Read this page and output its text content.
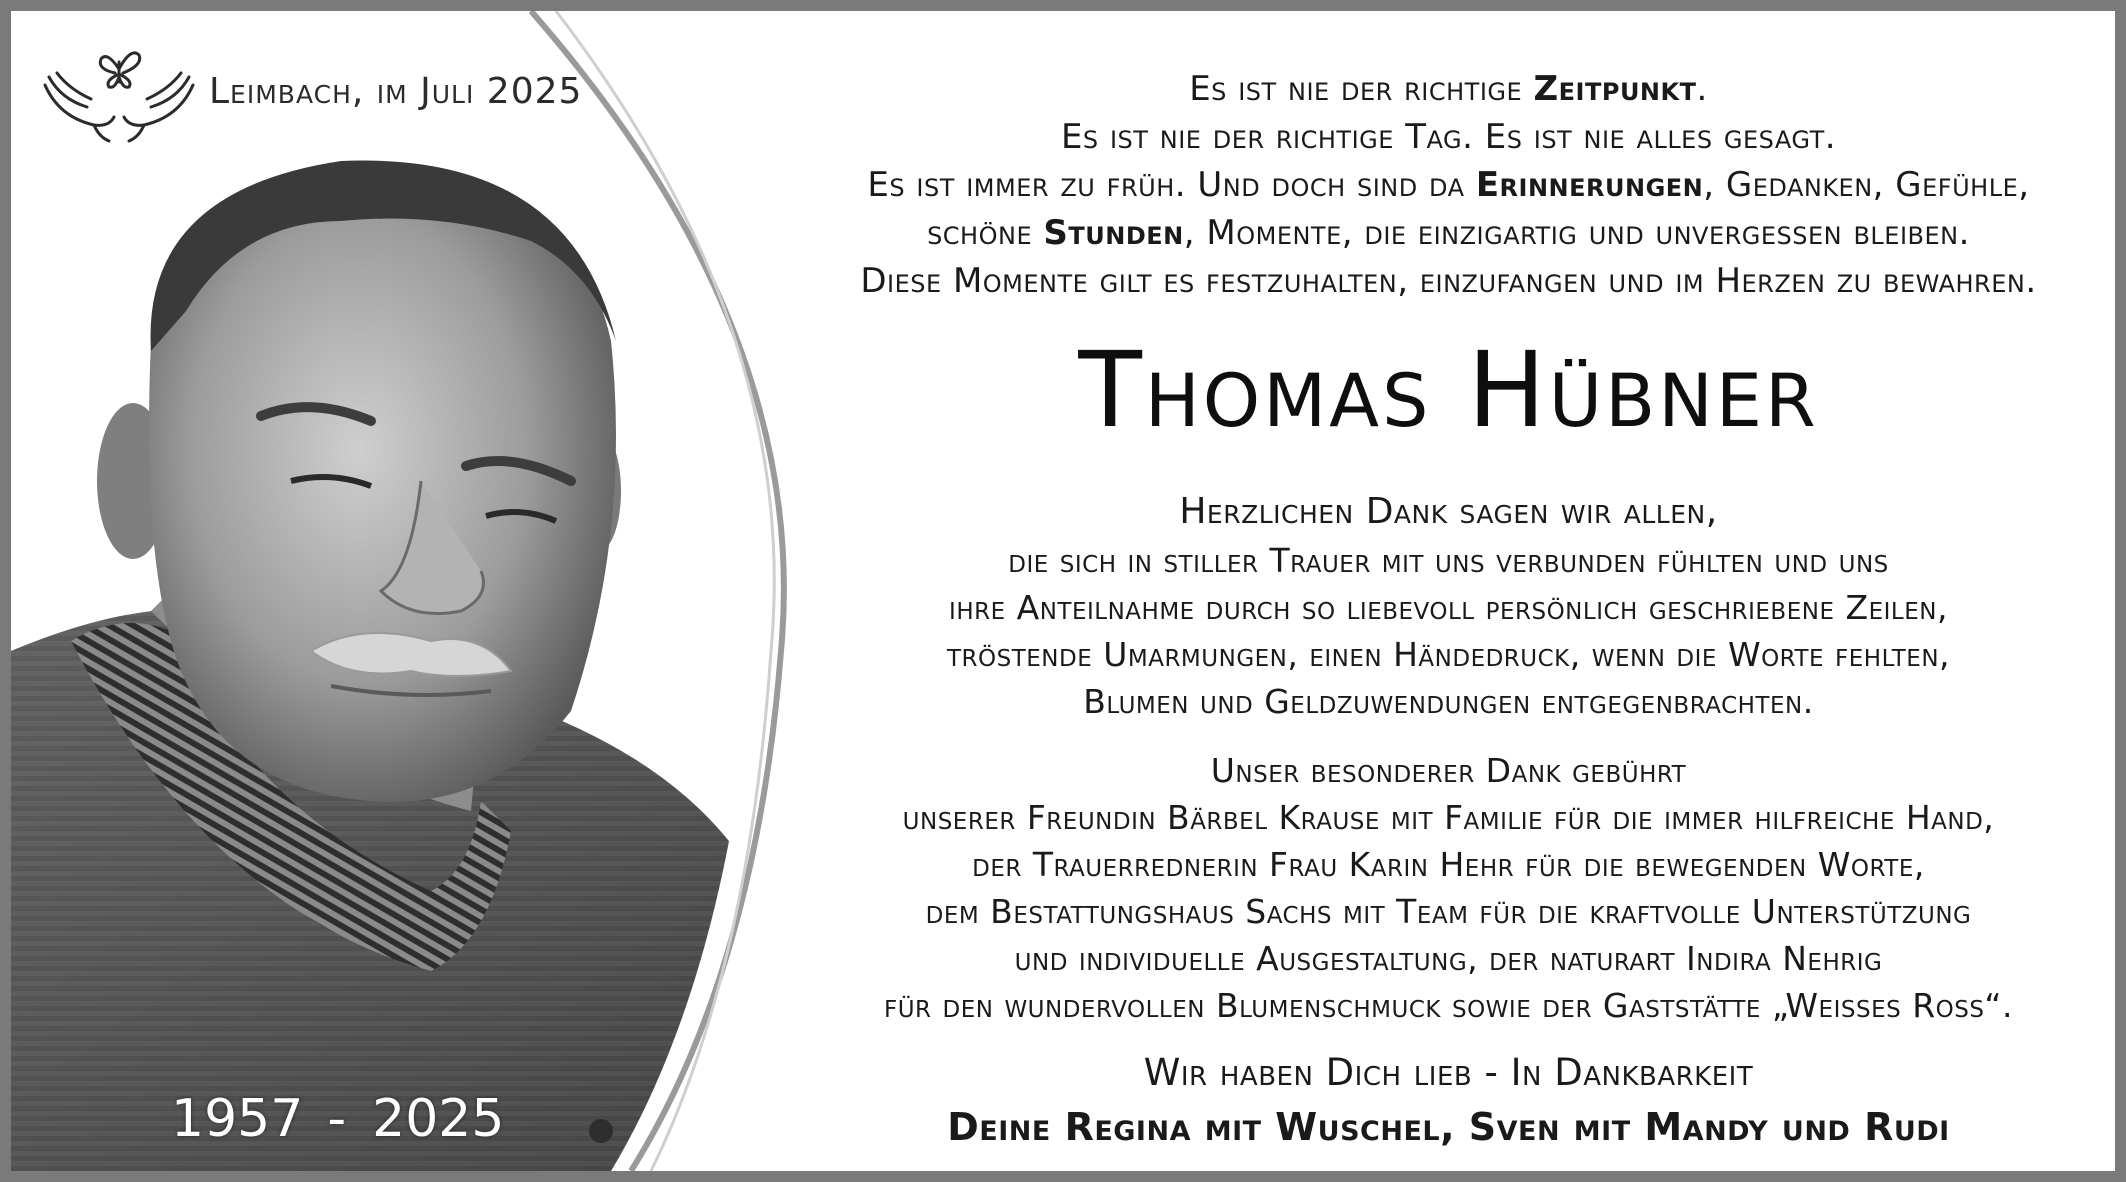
Leimbach, im Juli 2025
1957 - 2025
Es ist nie der richtige Zeitpunkt.
Es ist nie der richtige Tag. Es ist nie alles gesagt.
Es ist immer zu früh. Und doch sind da Erinnerungen, Gedanken, Gefühle,
schöne Stunden, Momente, die einzigartig und unvergessen bleiben.
Diese Momente gilt es festzuhalten, einzufangen und im Herzen zu bewahren.
Thomas Hübner
Herzlichen Dank sagen wir allen,
die sich in stiller Trauer mit uns verbunden fühlten und uns
ihre Anteilnahme durch so liebevoll persönlich geschriebene Zeilen,
tröstende Umarmungen, einen Händedruck, wenn die Worte fehlten,
Blumen und Geldzuwendungen entgegenbrachten.
Unser besonderer Dank gebührt
unserer Freundin Bärbel Krause mit Familie für die immer hilfreiche Hand,
der Trauerrednerin Frau Karin Hehr für die bewegenden Worte,
dem Bestattungshaus Sachs mit Team für die kraftvolle Unterstützung
und individuelle Ausgestaltung, der naturart Indira Nehrig
für den wundervollen Blumenschmuck sowie der Gaststätte „Weisses Ross“.
Wir haben Dich lieb - In Dankbarkeit
Deine Regina mit Wuschel, Sven mit Mandy und Rudi
